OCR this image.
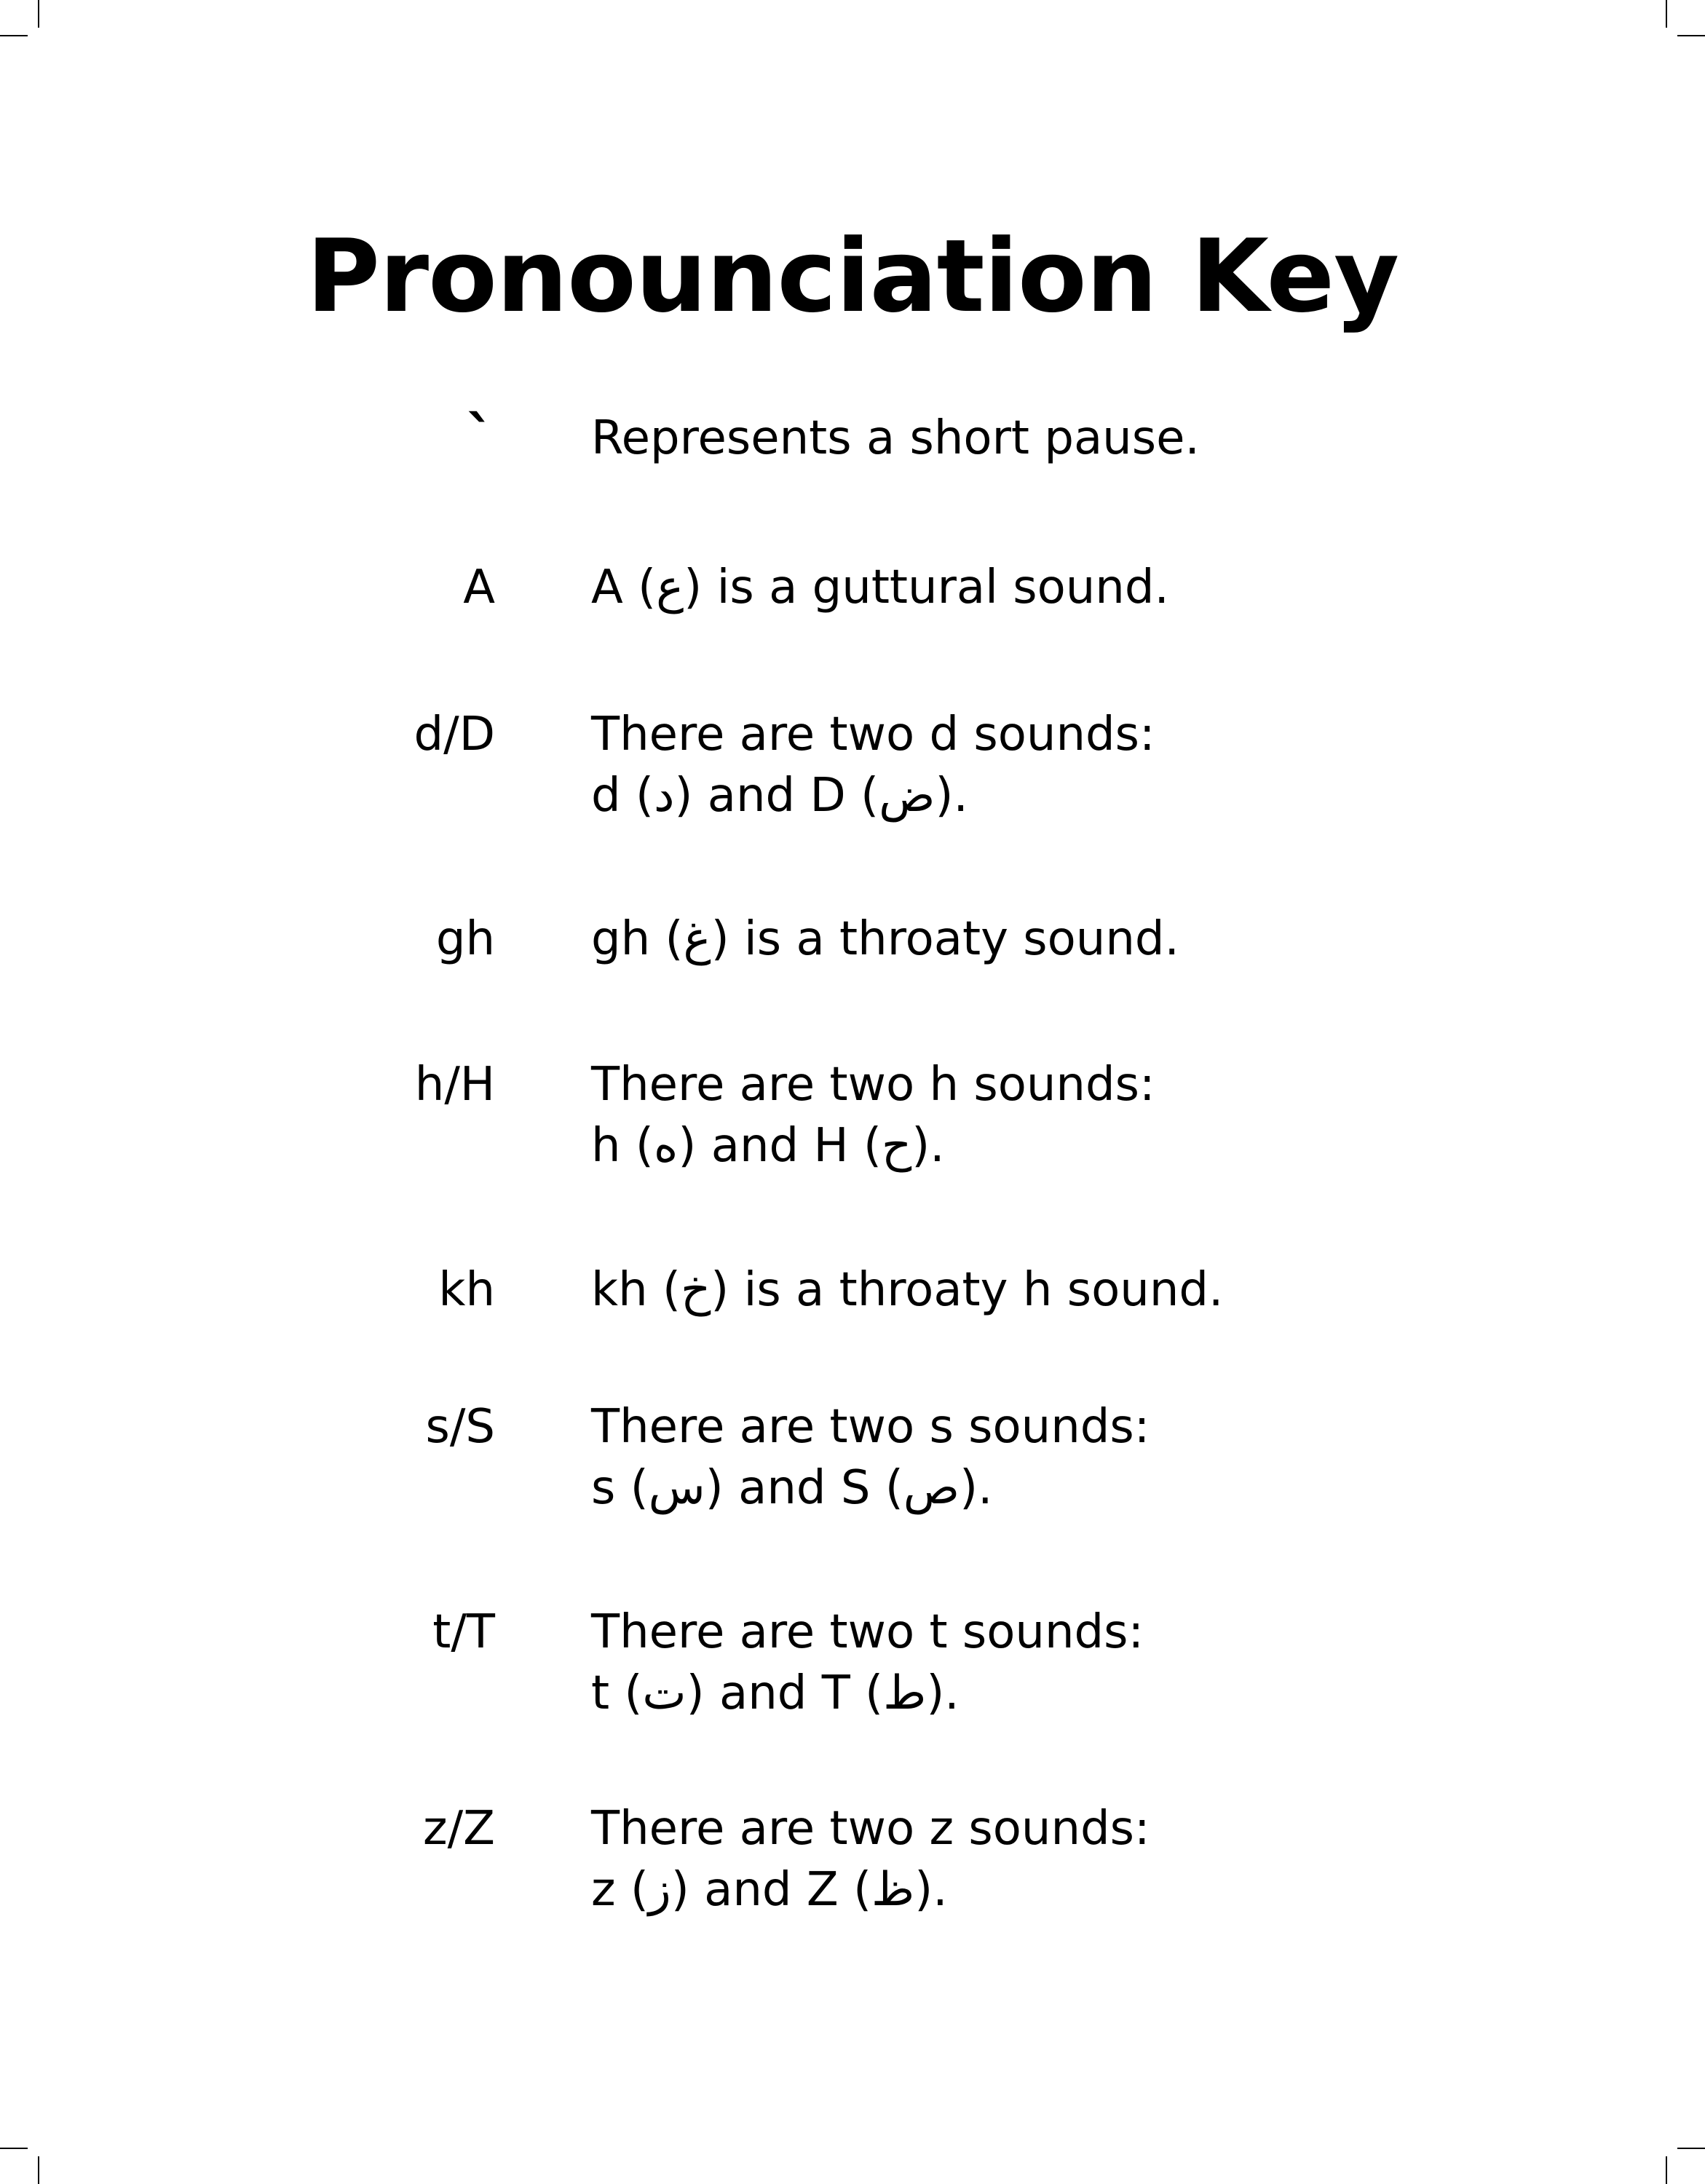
Pronounciation Key
` Represents a short pause.
A A (ع) is a guttural sound.
d/D There are two d sounds:
d (د) and D (ض).
gh gh (غ) is a throaty sound.
h/H There are two h sounds:
h (ه) and H (ح).
kh kh (خ) is a throaty h sound.
s/S There are two s sounds:
s (س) and S (ص).
t/T There are two t sounds:
t (ت) and T (ط).
z/Z There are two z sounds:
z (ز) and Z (ظ).
